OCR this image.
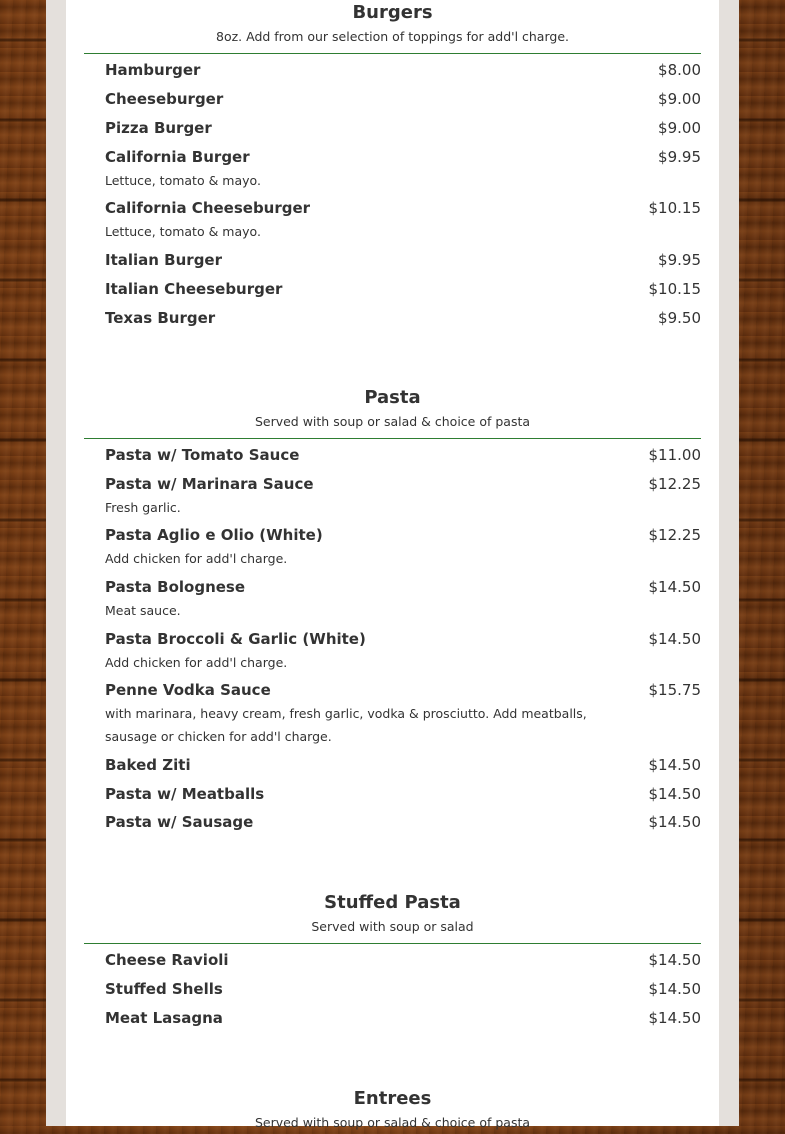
Burgers
8oz. Add from our selection of toppings for add'l charge.
Hamburger	$8.00
Cheeseburger	$9.00
Pizza Burger	$9.00
California Burger	$9.95
Lettuce, tomato & mayo.
California Cheeseburger	$10.15
Lettuce, tomato & mayo.
Italian Burger	$9.95
Italian Cheeseburger	$10.15
Texas Burger	$9.50
Pasta
Served with soup or salad & choice of pasta
Pasta w/ Tomato Sauce	$11.00
Pasta w/ Marinara Sauce	$12.25
Fresh garlic.
Pasta Aglio e Olio (White)	$12.25
Add chicken for add'l charge.
Pasta Bolognese	$14.50
Meat sauce.
Pasta Broccoli & Garlic (White)	$14.50
Add chicken for add'l charge.
Penne Vodka Sauce	$15.75
with marinara, heavy cream, fresh garlic, vodka & prosciutto. Add meatballs, sausage or chicken for add'l charge.
Baked Ziti	$14.50
Pasta w/ Meatballs	$14.50
Pasta w/ Sausage	$14.50
Stuffed Pasta
Served with soup or salad
Cheese Ravioli	$14.50
Stuffed Shells	$14.50
Meat Lasagna	$14.50
Entrees
Served with soup or salad & choice of pasta
